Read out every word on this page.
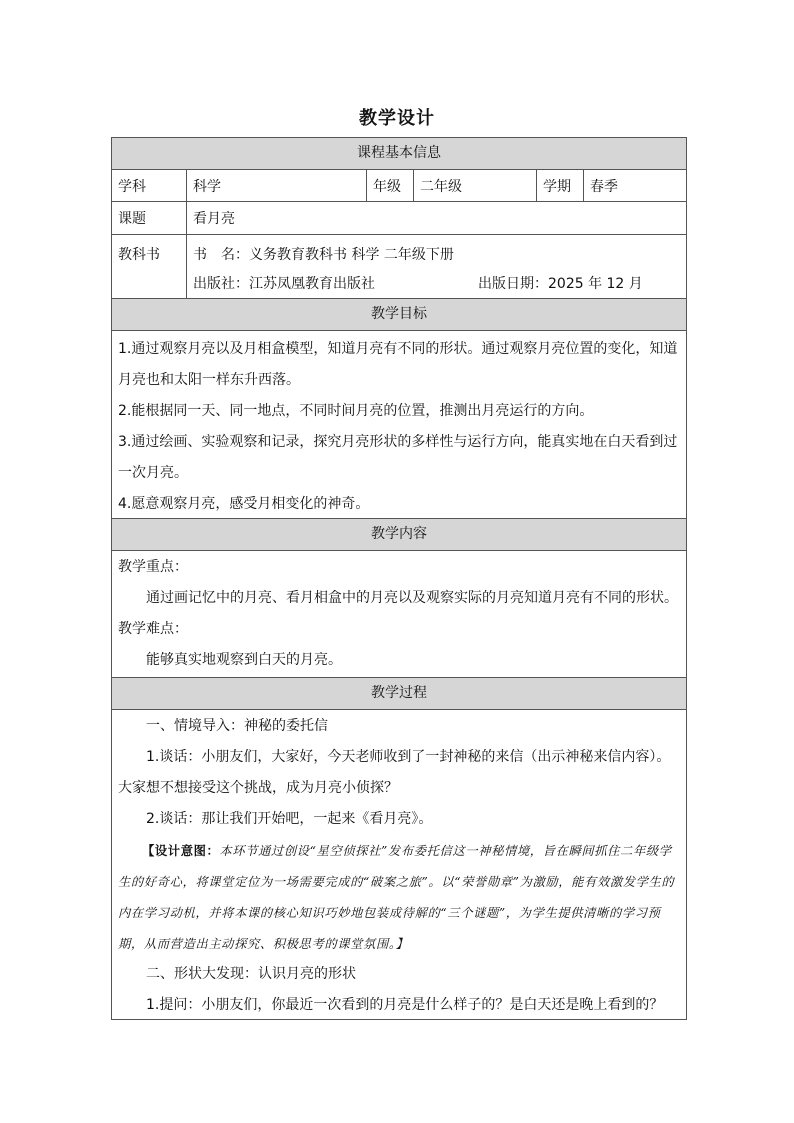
教学设计
课程基本信息
学科	科学	年级	二年级	学期	春季
课题	看月亮
教科书	书　名：义务教育教科书 科学 二年级下册
出版社：江苏凤凰教育出版社	出版日期：2025 年 12 月
教学目标
1.通过观察月亮以及月相盒模型，知道月亮有不同的形状。通过观察月亮位置的变化，知道月亮也和太阳一样东升西落。
2.能根据同一天、同一地点，不同时间月亮的位置，推测出月亮运行的方向。
3.通过绘画、实验观察和记录，探究月亮形状的多样性与运行方向，能真实地在白天看到过一次月亮。
4.愿意观察月亮，感受月相变化的神奇。
教学内容
教学重点：
通过画记忆中的月亮、看月相盒中的月亮以及观察实际的月亮知道月亮有不同的形状。
教学难点：
能够真实地观察到白天的月亮。
教学过程
一、情境导入：神秘的委托信
1.谈话：小朋友们，大家好，今天老师收到了一封神秘的来信（出示神秘来信内容）。大家想不想接受这个挑战，成为月亮小侦探？
2.谈话：那让我们开始吧，一起来《看月亮》。
【设计意图：本环节通过创设“星空侦探社”发布委托信这一神秘情境，旨在瞬间抓住二年级学生的好奇心，将课堂定位为一场需要完成的“破案之旅”。以“荣誉勋章”为激励，能有效激发学生的内在学习动机，并将本课的核心知识巧妙地包装成待解的“三个谜题”，为学生提供清晰的学习预期，从而营造出主动探究、积极思考的课堂氛围。】
二、形状大发现：认识月亮的形状
1.提问：小朋友们，你最近一次看到的月亮是什么样子的？是白天还是晚上看到的？
